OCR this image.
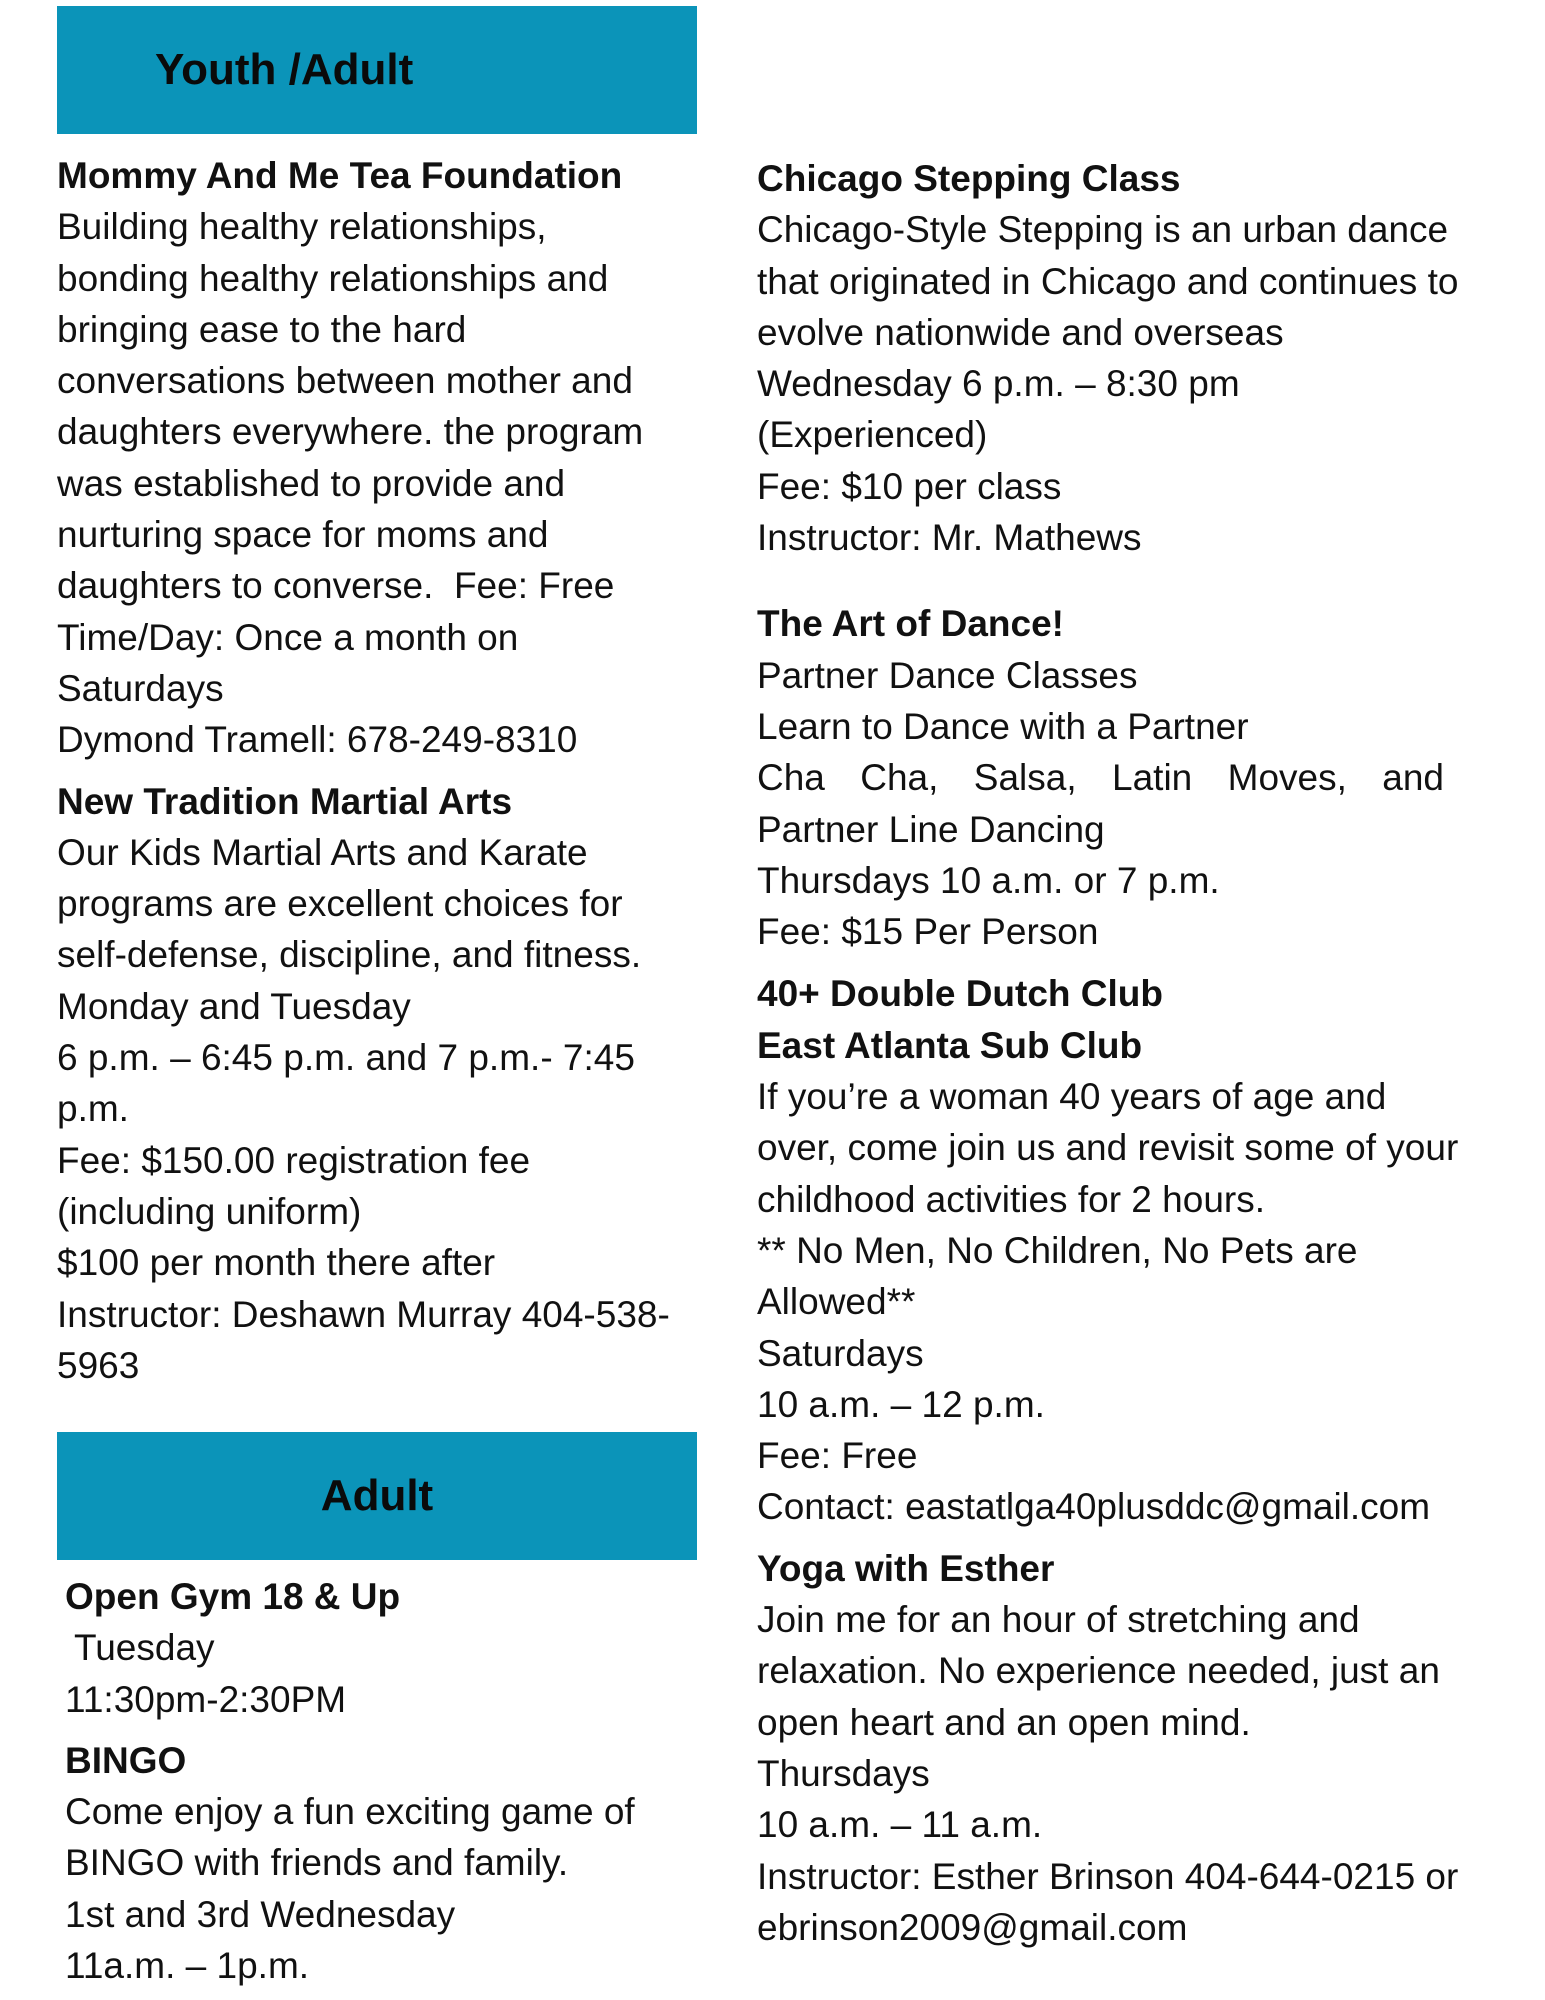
Youth /Adult

Mommy And Me Tea Foundation

Building healthy relationships,

bonding healthy relationships and

bringing ease to the hard

conversations between mother and

daughters everywhere. the program

was established to provide and

nurturing space for moms and

daughters to converse.  Fee: Free

Time/Day: Once a month on

Saturdays

Dymond Tramell: 678-249-8310

New Tradition Martial Arts

Our Kids Martial Arts and Karate

programs are excellent choices for

self-defense, discipline, and fitness.

Monday and Tuesday

6 p.m. – 6:45 p.m. and 7 p.m.- 7:45

p.m.

Fee: $150.00 registration fee

(including uniform)

$100 per month there after

Instructor: Deshawn Murray 404-538-

5963

Adult

Open Gym 18 & Up

Tuesday

11:30pm-2:30PM

BINGO

Come enjoy a fun exciting game of

BINGO with friends and family.

1st and 3rd Wednesday

11a.m. – 1p.m.

Chicago Stepping Class

Chicago-Style Stepping is an urban dance

that originated in Chicago and continues to

evolve nationwide and overseas

Wednesday 6 p.m. – 8:30 pm

(Experienced)

Fee: $10 per class

Instructor: Mr. Mathews

The Art of Dance!

Partner Dance Classes

Learn to Dance with a Partner

Cha Cha, Salsa, Latin Moves, and

Partner Line Dancing

Thursdays 10 a.m. or 7 p.m.

Fee: $15 Per Person

40+ Double Dutch Club

East Atlanta Sub Club

If you’re a woman 40 years of age and

over, come join us and revisit some of your

childhood activities for 2 hours.

** No Men, No Children, No Pets are

Allowed**

Saturdays

10 a.m. – 12 p.m.

Fee: Free

Contact: eastatlga40plusddc@gmail.com

Yoga with Esther

Join me for an hour of stretching and

relaxation. No experience needed, just an

open heart and an open mind.

Thursdays

10 a.m. – 11 a.m.

Instructor: Esther Brinson 404-644-0215 or

ebrinson2009@gmail.com
